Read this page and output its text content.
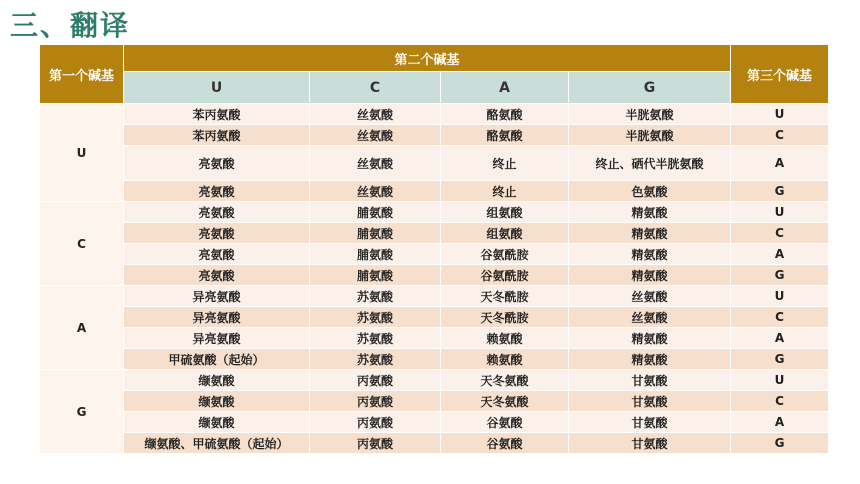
三、翻译
第一个碱基	第二个碱基				第三个碱基
	U	C	A	G	
U	苯丙氨酸	丝氨酸	酪氨酸	半胱氨酸	U
	苯丙氨酸	丝氨酸	酪氨酸	半胱氨酸	C
	亮氨酸	丝氨酸	终止	终止、硒代半胱氨酸	A
	亮氨酸	丝氨酸	终止	色氨酸	G
C	亮氨酸	脯氨酸	组氨酸	精氨酸	U
	亮氨酸	脯氨酸	组氨酸	精氨酸	C
	亮氨酸	脯氨酸	谷氨酰胺	精氨酸	A
	亮氨酸	脯氨酸	谷氨酰胺	精氨酸	G
A	异亮氨酸	苏氨酸	天冬酰胺	丝氨酸	U
	异亮氨酸	苏氨酸	天冬酰胺	丝氨酸	C
	异亮氨酸	苏氨酸	赖氨酸	精氨酸	A
	甲硫氨酸（起始）	苏氨酸	赖氨酸	精氨酸	G
G	缬氨酸	丙氨酸	天冬氨酸	甘氨酸	U
	缬氨酸	丙氨酸	天冬氨酸	甘氨酸	C
	缬氨酸	丙氨酸	谷氨酸	甘氨酸	A
	缬氨酸、甲硫氨酸（起始）	丙氨酸	谷氨酸	甘氨酸	G
